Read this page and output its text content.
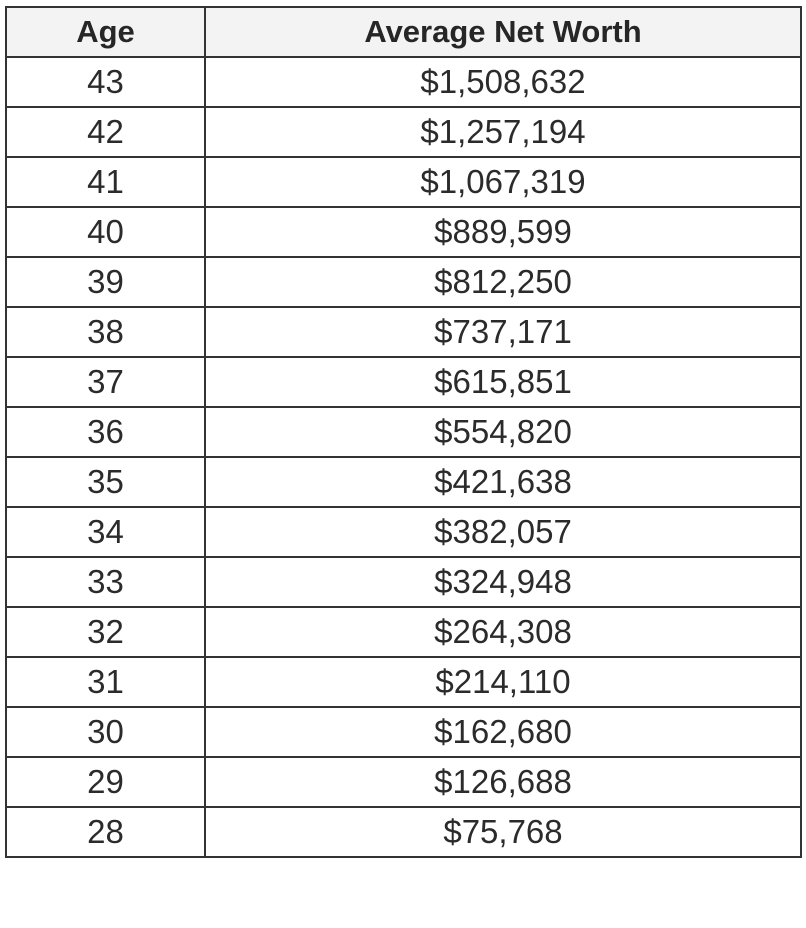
Age	Average Net Worth
43	$1,508,632
42	$1,257,194
41	$1,067,319
40	$889,599
39	$812,250
38	$737,171
37	$615,851
36	$554,820
35	$421,638
34	$382,057
33	$324,948
32	$264,308
31	$214,110
30	$162,680
29	$126,688
28	$75,768
